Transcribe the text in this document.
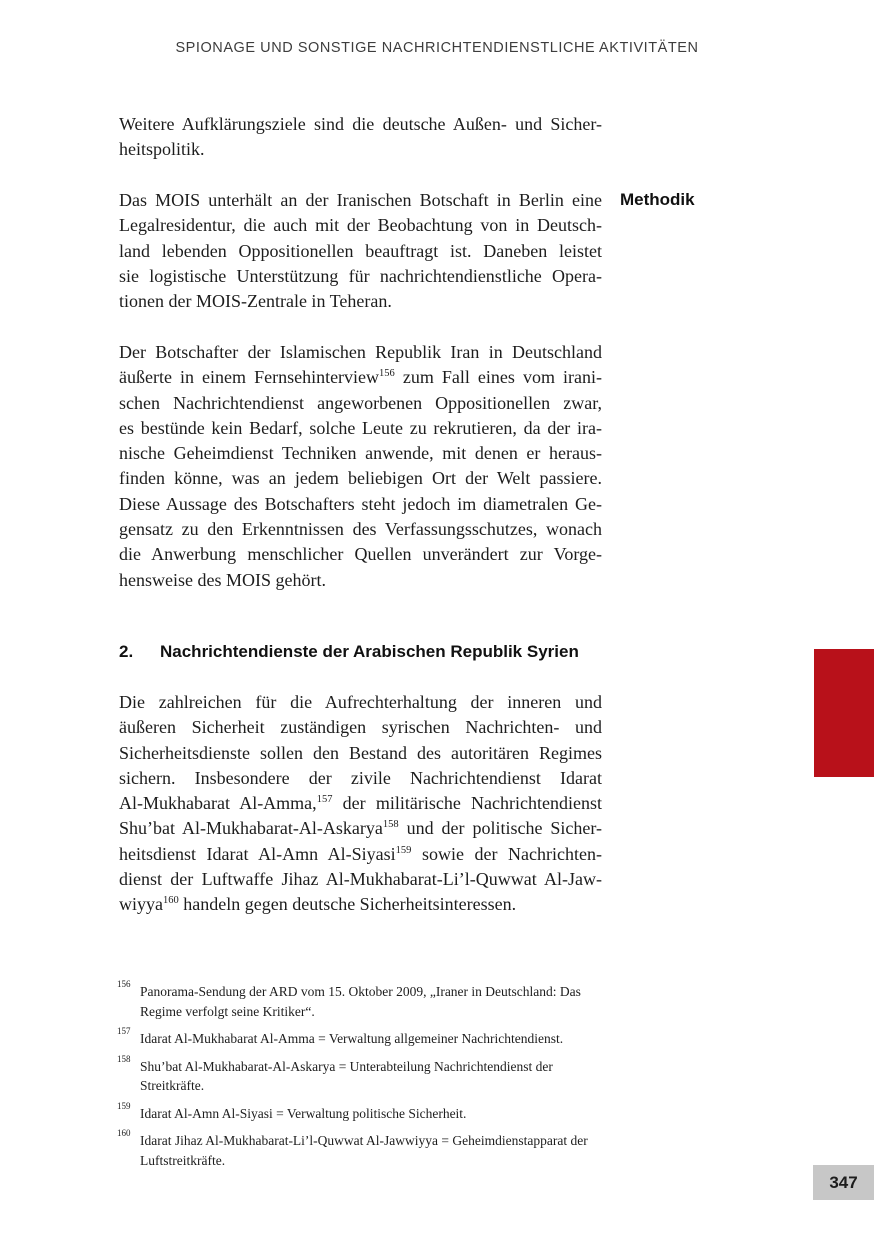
SPIONAGE UND SONSTIGE NACHRICHTENDIENSTLICHE AKTIVITÄTEN
Weitere Aufklärungsziele sind die deutsche Außen- und Sicher-
heitspolitik.
Das MOIS unterhält an der Iranischen Botschaft in Berlin eine
Legalresidentur, die auch mit der Beobachtung von in Deutsch-
land lebenden Oppositionellen beauftragt ist. Daneben leistet
sie logistische Unterstützung für nachrichtendienstliche Opera-
tionen der MOIS-Zentrale in Teheran.
Methodik
Der Botschafter der Islamischen Republik Iran in Deutschland
äußerte in einem Fernsehinterview$^{156}$ zum Fall eines vom irani-
schen Nachrichtendienst angeworbenen Oppositionellen zwar,
es bestünde kein Bedarf, solche Leute zu rekrutieren, da der ira-
nische Geheimdienst Techniken anwende, mit denen er heraus-
finden könne, was an jedem beliebigen Ort der Welt passiere.
Diese Aussage des Botschafters steht jedoch im diametralen Ge-
gensatz zu den Erkenntnissen des Verfassungsschutzes, wonach
die Anwerbung menschlicher Quellen unverändert zur Vorge-
hensweise des MOIS gehört.
2. Nachrichtendienste der Arabischen Republik Syrien
Die zahlreichen für die Aufrechterhaltung der inneren und
äußeren Sicherheit zuständigen syrischen Nachrichten- und
Sicherheitsdienste sollen den Bestand des autoritären Regimes
sichern. Insbesondere der zivile Nachrichtendienst Idarat
Al-Mukhabarat Al-Amma,$^{157}$ der militärische Nachrichtendienst
Shu’bat Al-Mukhabarat-Al-Askarya$^{158}$ und der politische Sicher-
heitsdienst Idarat Al-Amn Al-Siyasi$^{159}$ sowie der Nachrichten-
dienst der Luftwaffe Jihaz Al-Mukhabarat-Li’l-Quwwat Al-Jaw-
wiyya$^{160}$ handeln gegen deutsche Sicherheitsinteressen.
156 Panorama-Sendung der ARD vom 15. Oktober 2009, „Iraner in Deutschland: Das Regime verfolgt seine Kritiker“.
157 Idarat Al-Mukhabarat Al-Amma = Verwaltung allgemeiner Nachrichtendienst.
158 Shu’bat Al-Mukhabarat-Al-Askarya = Unterabteilung Nachrichtendienst der Streitkräfte.
159 Idarat Al-Amn Al-Siyasi = Verwaltung politische Sicherheit.
160 Idarat Jihaz Al-Mukhabarat-Li’l-Quwwat Al-Jawwiyya = Geheimdienstapparat der Luftstreitkräfte.
347
